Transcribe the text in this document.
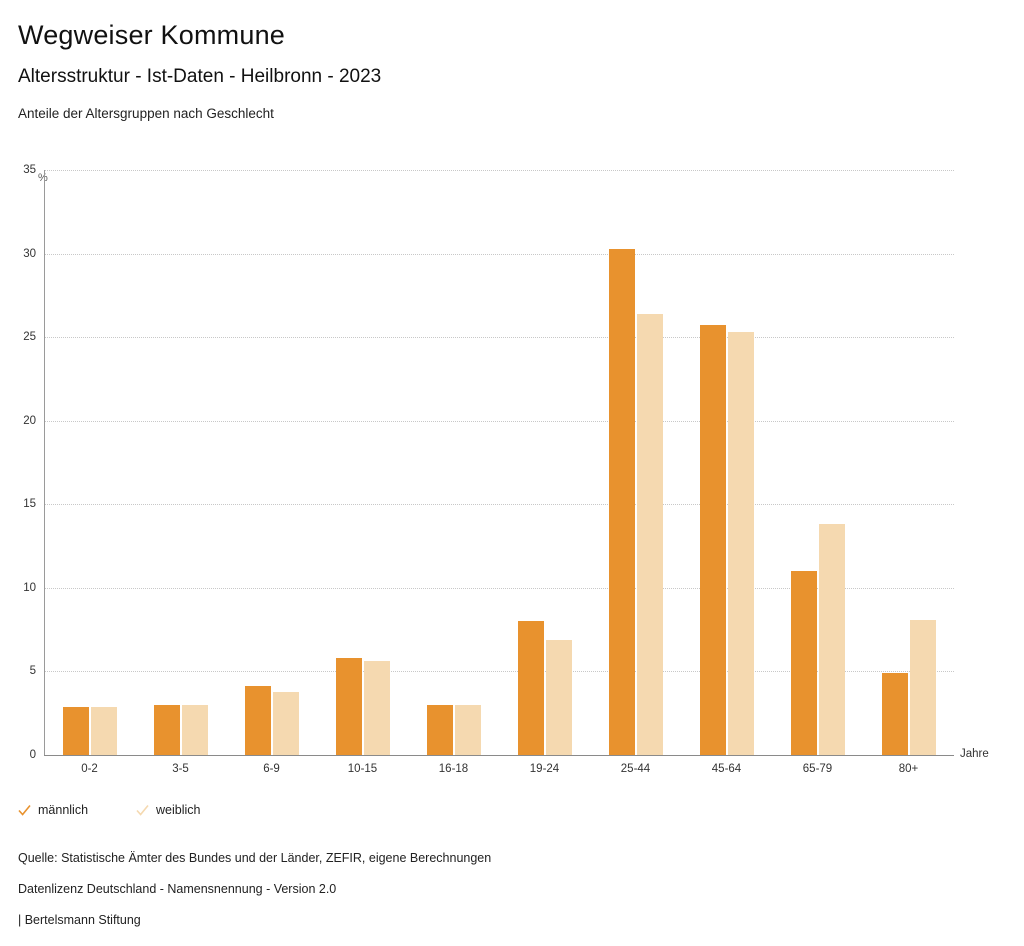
Wegweiser Kommune
Altersstruktur - Ist-Daten - Heilbronn - 2023
Anteile der Altersgruppen nach Geschlecht
%
0
5
10
15
20
25
30
35
0-2	3-5	6-9	10-15	16-18	19-24	25-44	45-64	65-79	80+
Jahre
männlich	weiblich
Quelle: Statistische Ämter des Bundes und der Länder, ZEFIR, eigene Berechnungen
Datenlizenz Deutschland - Namensnennung - Version 2.0
| Bertelsmann Stiftung
